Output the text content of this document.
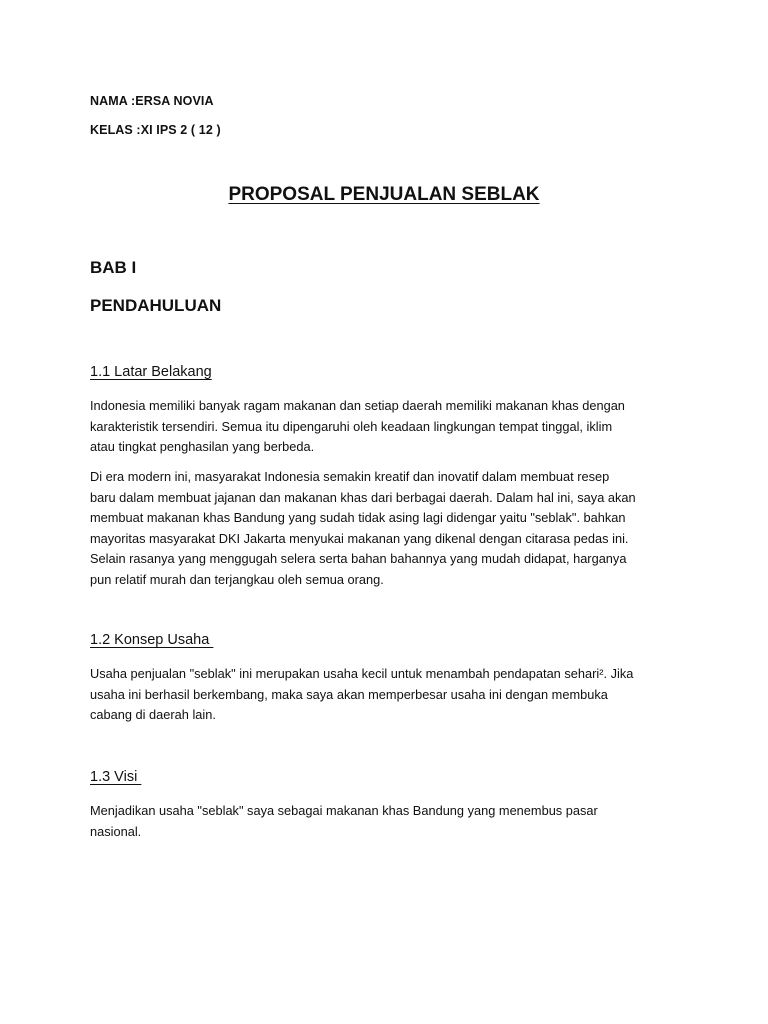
NAMA :ERSA NOVIA
KELAS :XI IPS 2 ( 12 )
PROPOSAL PENJUALAN SEBLAK
BAB I
PENDAHULUAN
1.1 Latar Belakang
Indonesia memiliki banyak ragam makanan dan setiap daerah memiliki makanan khas dengan
karakteristik tersendiri. Semua itu dipengaruhi oleh keadaan lingkungan tempat tinggal, iklim
atau tingkat penghasilan yang berbeda.
Di era modern ini, masyarakat Indonesia semakin kreatif dan inovatif dalam membuat resep
baru dalam membuat jajanan dan makanan khas dari berbagai daerah. Dalam hal ini, saya akan
membuat makanan khas Bandung yang sudah tidak asing lagi didengar yaitu "seblak". bahkan
mayoritas masyarakat DKI Jakarta menyukai makanan yang dikenal dengan citarasa pedas ini.
Selain rasanya yang menggugah selera serta bahan bahannya yang mudah didapat, harganya
pun relatif murah dan terjangkau oleh semua orang.
1.2 Konsep Usaha
Usaha penjualan "seblak" ini merupakan usaha kecil untuk menambah pendapatan sehari². Jika
usaha ini berhasil berkembang, maka saya akan memperbesar usaha ini dengan membuka
cabang di daerah lain.
1.3 Visi
Menjadikan usaha "seblak" saya sebagai makanan khas Bandung yang menembus pasar
nasional.
